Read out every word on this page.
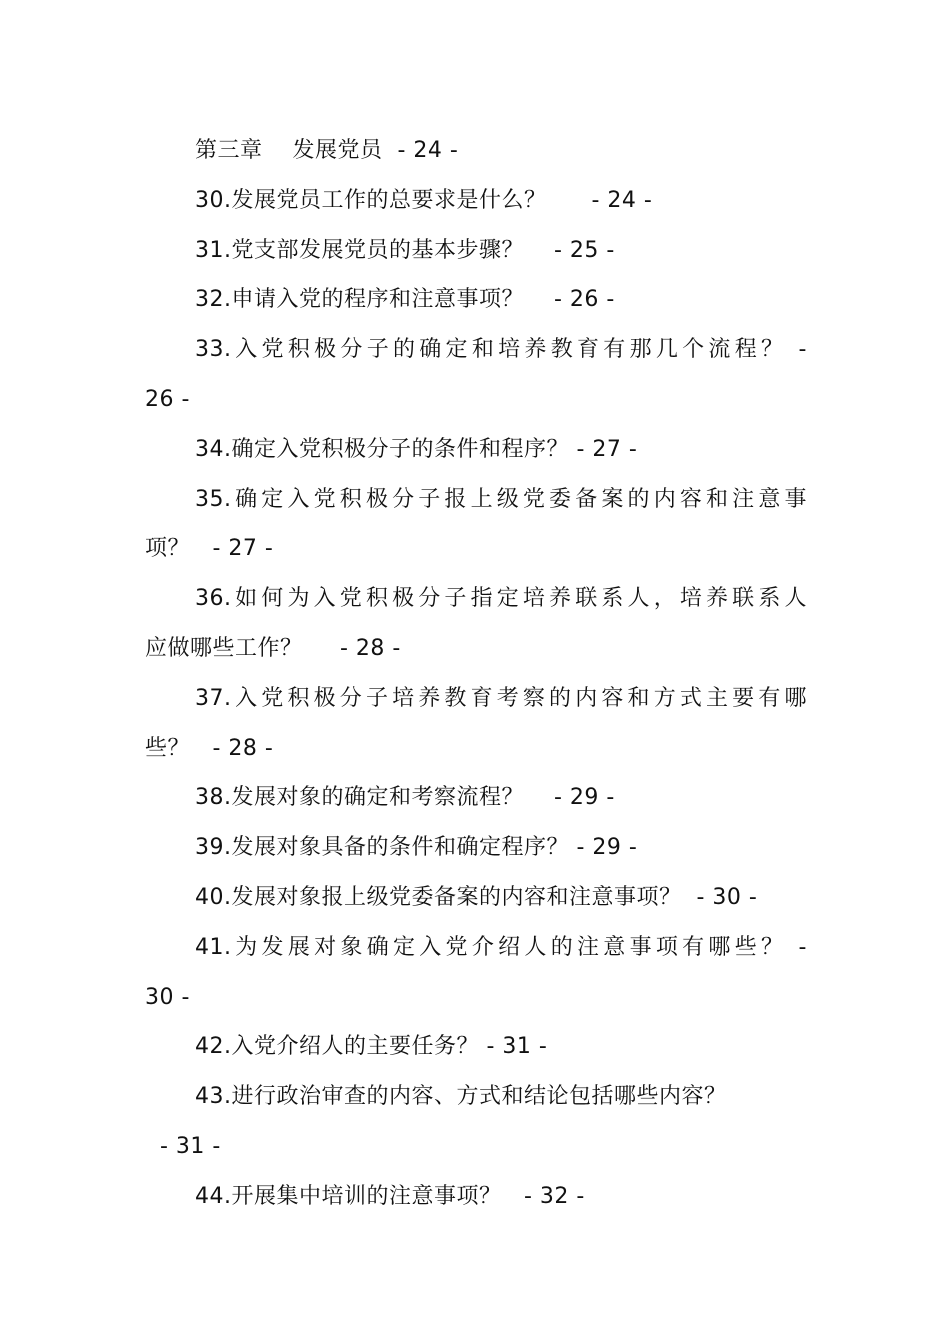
第三章    发展党员  - 24 -
30.发展党员工作的总要求是什么？      - 24 -
31.党支部发展党员的基本步骤？    - 25 -
32.申请入党的程序和注意事项？    - 26 -
33.入党积极分子的确定和培养教育有那几个流程？ -
26 -
34.确定入党积极分子的条件和程序？ - 27 -
35.确定入党积极分子报上级党委备案的内容和注意事
项？   - 27 -
36.如何为入党积极分子指定培养联系人，培养联系人
应做哪些工作？     - 28 -
37.入党积极分子培养教育考察的内容和方式主要有哪
些？   - 28 -
38.发展对象的确定和考察流程？    - 29 -
39.发展对象具备的条件和确定程序？ - 29 -
40.发展对象报上级党委备案的内容和注意事项？  - 30 -
41.为发展对象确定入党介绍人的注意事项有哪些？ -
30 -
42.入党介绍人的主要任务？ - 31 -
43.进行政治审查的内容、方式和结论包括哪些内容？
- 31 -
44.开展集中培训的注意事项？   - 32 -
